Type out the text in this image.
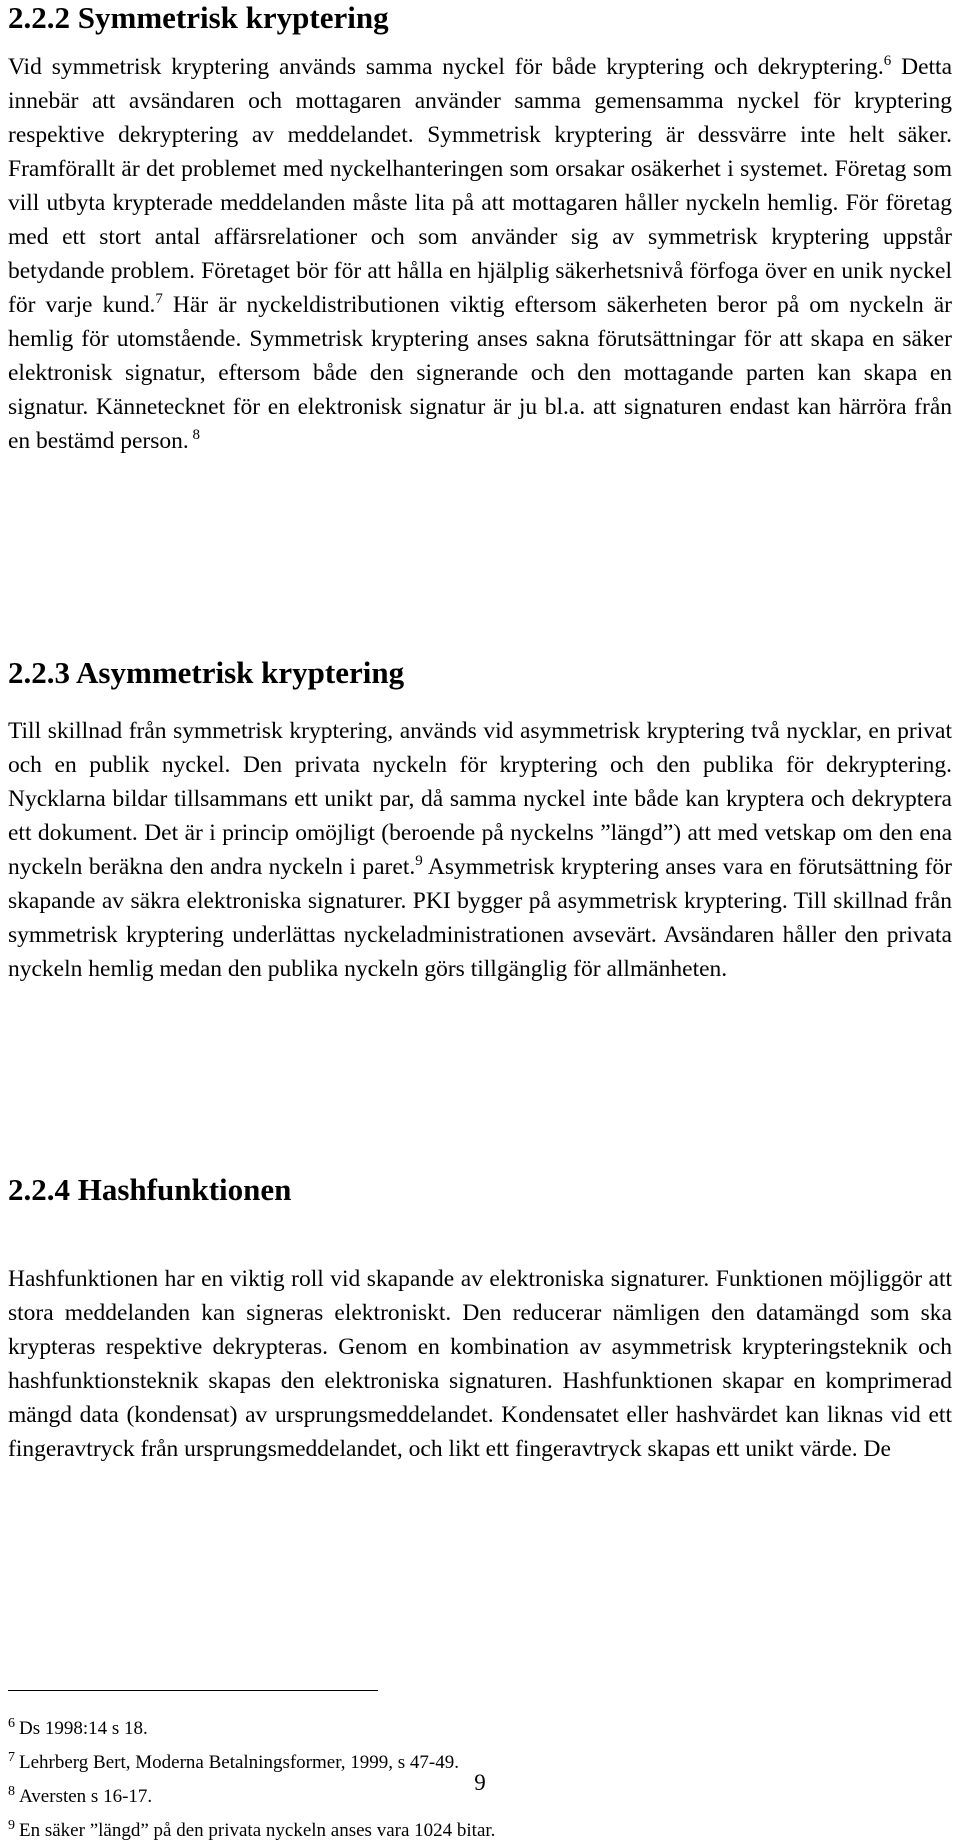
2.2.2 Symmetrisk kryptering

Vid symmetrisk kryptering används samma nyckel för både kryptering och dekryptering.$^6$ Detta innebär att avsändaren och mottagaren använder samma gemensamma nyckel för kryptering respektive dekryptering av meddelandet. Symmetrisk kryptering är dessvärre inte helt säker. Framförallt är det problemet med nyckelhanteringen som orsakar osäkerhet i systemet. Företag som vill utbyta krypterade meddelanden måste lita på att mottagaren håller nyckeln hemlig. För företag med ett stort antal affärsrelationer och som använder sig av symmetrisk kryptering uppstår betydande problem. Företaget bör för att hålla en hjälplig säkerhetsnivå förfoga över en unik nyckel för varje kund.$^7$ Här är nyckeldistributionen viktig eftersom säkerheten beror på om nyckeln är hemlig för utomstående. Symmetrisk kryptering anses sakna förutsättningar för att skapa en säker elektronisk signatur, eftersom både den signerande och den mottagande parten kan skapa en signatur. Kännetecknet för en elektronisk signatur är ju bl.a. att signaturen endast kan härröra från en bestämd person. $^8$

2.2.3 Asymmetrisk kryptering

Till skillnad från symmetrisk kryptering, används vid asymmetrisk kryptering två nycklar, en privat och en publik nyckel. Den privata nyckeln för kryptering och den publika för dekryptering. Nycklarna bildar tillsammans ett unikt par, då samma nyckel inte både kan kryptera och dekryptera ett dokument. Det är i princip omöjligt (beroende på nyckelns ”längd”) att med vetskap om den ena nyckeln beräkna den andra nyckeln i paret.$^9$ Asymmetrisk kryptering anses vara en förutsättning för skapande av säkra elektroniska signaturer. PKI bygger på asymmetrisk kryptering. Till skillnad från symmetrisk kryptering underlättas nyckeladministrationen avsevärt. Avsändaren håller den privata nyckeln hemlig medan den publika nyckeln görs tillgänglig för allmänheten.

2.2.4 Hashfunktionen

Hashfunktionen har en viktig roll vid skapande av elektroniska signaturer. Funktionen möjliggör att stora meddelanden kan signeras elektroniskt. Den reducerar nämligen den datamängd som ska krypteras respektive dekrypteras. Genom en kombination av asymmetrisk krypteringsteknik och hashfunktionsteknik skapas den elektroniska signaturen. Hashfunktionen skapar en komprimerad mängd data (kondensat) av ursprungsmeddelandet. Kondensatet eller hashvärdet kan liknas vid ett fingeravtryck från ursprungsmeddelandet, och likt ett fingeravtryck skapas ett unikt värde. De

$^6$ Ds 1998:14 s 18.

$^7$ Lehrberg Bert, Moderna Betalningsformer, 1999, s 47-49.

$^8$ Aversten s 16-17.

$^9$ En säker ”längd” på den privata nyckeln anses vara 1024 bitar.

9
